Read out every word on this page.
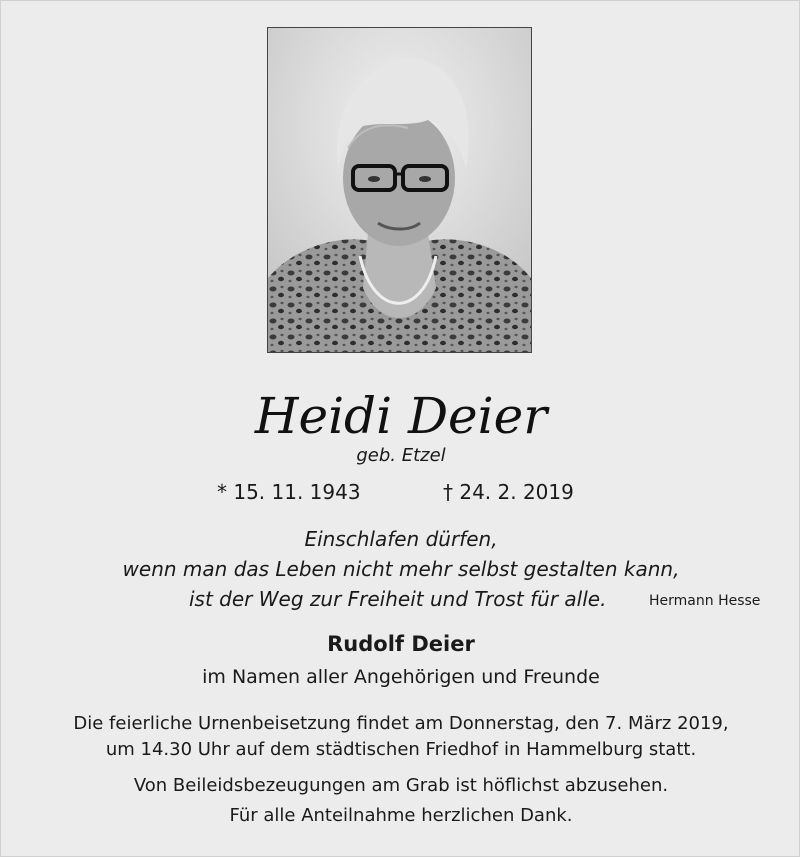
Heidi Deier
geb. Etzel
* 15. 11. 1943	† 24. 2. 2019
Einschlafen dürfen,
wenn man das Leben nicht mehr selbst gestalten kann,
ist der Weg zur Freiheit und Trost für alle.	Hermann Hesse
Rudolf Deier
im Namen aller Angehörigen und Freunde
Die feierliche Urnenbeisetzung findet am Donnerstag, den 7. März 2019,
um 14.30 Uhr auf dem städtischen Friedhof in Hammelburg statt.
Von Beileidsbezeugungen am Grab ist höflichst abzusehen.
Für alle Anteilnahme herzlichen Dank.
